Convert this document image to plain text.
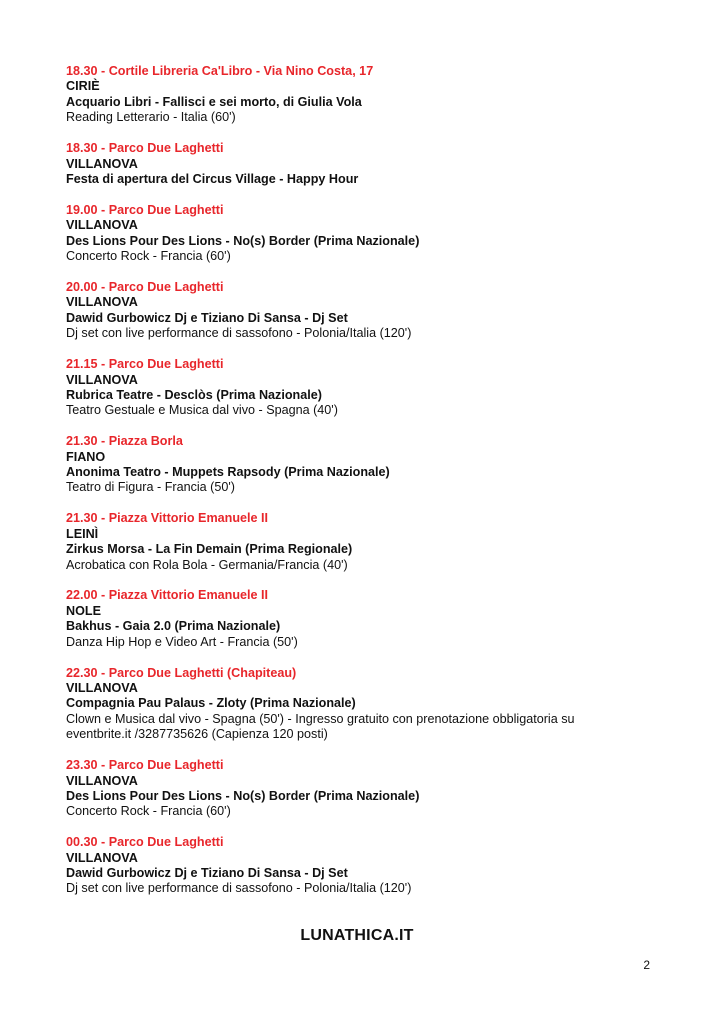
18.30 - Cortile Libreria Ca'Libro - Via Nino Costa, 17
CIRIÈ
Acquario Libri - Fallisci e sei morto, di Giulia Vola
Reading Letterario - Italia (60')
18.30 - Parco Due Laghetti
VILLANOVA
Festa di apertura del Circus Village - Happy Hour
19.00 - Parco Due Laghetti
VILLANOVA
Des Lions Pour Des Lions - No(s) Border (Prima Nazionale)
Concerto Rock - Francia (60')
20.00 - Parco Due Laghetti
VILLANOVA
Dawid Gurbowicz Dj e Tiziano Di Sansa - Dj Set
Dj set con live performance di sassofono - Polonia/Italia (120')
21.15 - Parco Due Laghetti
VILLANOVA
Rubrica Teatre - Desclòs (Prima Nazionale)
Teatro Gestuale e Musica dal vivo - Spagna (40')
21.30 - Piazza Borla
FIANO
Anonima Teatro - Muppets Rapsody (Prima Nazionale)
Teatro di Figura - Francia (50')
21.30 - Piazza Vittorio Emanuele II
LEINÌ
Zirkus Morsa - La Fin Demain (Prima Regionale)
Acrobatica con Rola Bola - Germania/Francia (40')
22.00 - Piazza Vittorio Emanuele II
NOLE
Bakhus - Gaia 2.0 (Prima Nazionale)
Danza Hip Hop e Video Art - Francia (50')
22.30 - Parco Due Laghetti (Chapiteau)
VILLANOVA
Compagnia Pau Palaus - Zloty (Prima Nazionale)
Clown e Musica dal vivo - Spagna (50') - Ingresso gratuito con prenotazione obbligatoria su
eventbrite.it /3287735626 (Capienza 120 posti)
23.30 - Parco Due Laghetti
VILLANOVA
Des Lions Pour Des Lions - No(s) Border (Prima Nazionale)
Concerto Rock - Francia (60')
00.30 - Parco Due Laghetti
VILLANOVA
Dawid Gurbowicz Dj e Tiziano Di Sansa - Dj Set
Dj set con live performance di sassofono - Polonia/Italia (120')
LUNATHICA.IT
2
